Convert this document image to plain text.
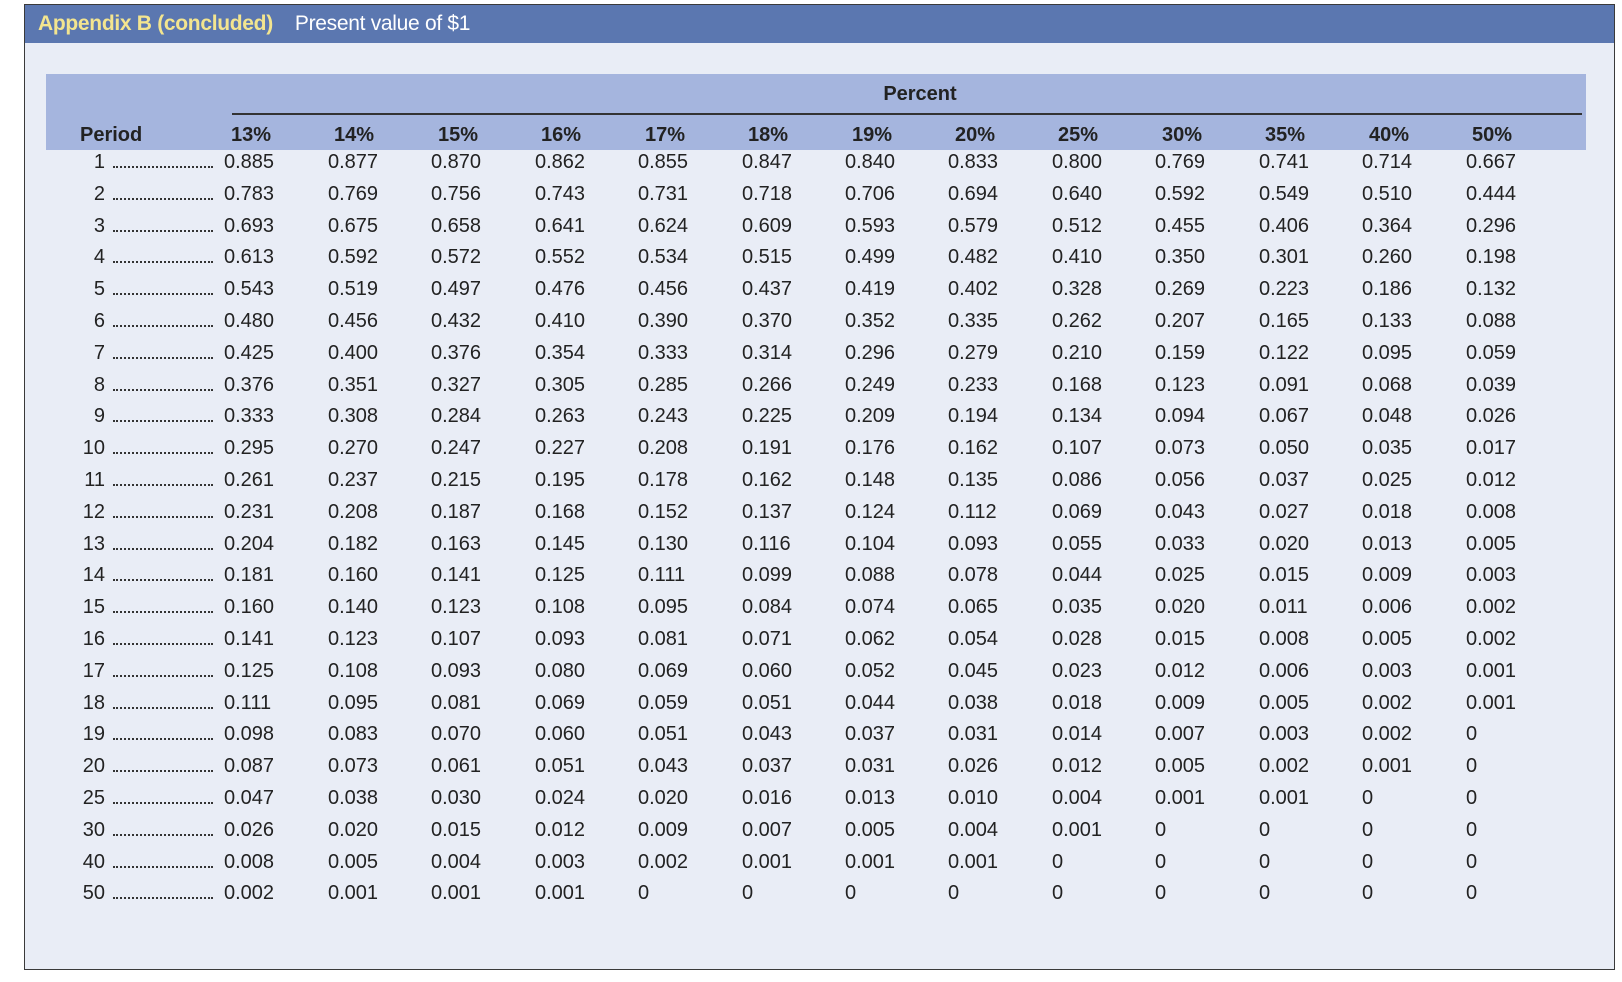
Appendix B (concluded) Present value of $1
Percent
Period	13%	14%	15%	16%	17%	18%	19%	20%	25%	30%	35%	40%	50%
1	0.885	0.877	0.870	0.862	0.855	0.847	0.840	0.833	0.800	0.769	0.741	0.714	0.667
2	0.783	0.769	0.756	0.743	0.731	0.718	0.706	0.694	0.640	0.592	0.549	0.510	0.444
3	0.693	0.675	0.658	0.641	0.624	0.609	0.593	0.579	0.512	0.455	0.406	0.364	0.296
4	0.613	0.592	0.572	0.552	0.534	0.515	0.499	0.482	0.410	0.350	0.301	0.260	0.198
5	0.543	0.519	0.497	0.476	0.456	0.437	0.419	0.402	0.328	0.269	0.223	0.186	0.132
6	0.480	0.456	0.432	0.410	0.390	0.370	0.352	0.335	0.262	0.207	0.165	0.133	0.088
7	0.425	0.400	0.376	0.354	0.333	0.314	0.296	0.279	0.210	0.159	0.122	0.095	0.059
8	0.376	0.351	0.327	0.305	0.285	0.266	0.249	0.233	0.168	0.123	0.091	0.068	0.039
9	0.333	0.308	0.284	0.263	0.243	0.225	0.209	0.194	0.134	0.094	0.067	0.048	0.026
10	0.295	0.270	0.247	0.227	0.208	0.191	0.176	0.162	0.107	0.073	0.050	0.035	0.017
11	0.261	0.237	0.215	0.195	0.178	0.162	0.148	0.135	0.086	0.056	0.037	0.025	0.012
12	0.231	0.208	0.187	0.168	0.152	0.137	0.124	0.112	0.069	0.043	0.027	0.018	0.008
13	0.204	0.182	0.163	0.145	0.130	0.116	0.104	0.093	0.055	0.033	0.020	0.013	0.005
14	0.181	0.160	0.141	0.125	0.111	0.099	0.088	0.078	0.044	0.025	0.015	0.009	0.003
15	0.160	0.140	0.123	0.108	0.095	0.084	0.074	0.065	0.035	0.020	0.011	0.006	0.002
16	0.141	0.123	0.107	0.093	0.081	0.071	0.062	0.054	0.028	0.015	0.008	0.005	0.002
17	0.125	0.108	0.093	0.080	0.069	0.060	0.052	0.045	0.023	0.012	0.006	0.003	0.001
18	0.111	0.095	0.081	0.069	0.059	0.051	0.044	0.038	0.018	0.009	0.005	0.002	0.001
19	0.098	0.083	0.070	0.060	0.051	0.043	0.037	0.031	0.014	0.007	0.003	0.002	0
20	0.087	0.073	0.061	0.051	0.043	0.037	0.031	0.026	0.012	0.005	0.002	0.001	0
25	0.047	0.038	0.030	0.024	0.020	0.016	0.013	0.010	0.004	0.001	0.001	0	0
30	0.026	0.020	0.015	0.012	0.009	0.007	0.005	0.004	0.001	0	0	0	0
40	0.008	0.005	0.004	0.003	0.002	0.001	0.001	0.001	0	0	0	0	0
50	0.002	0.001	0.001	0.001	0	0	0	0	0	0	0	0	0
